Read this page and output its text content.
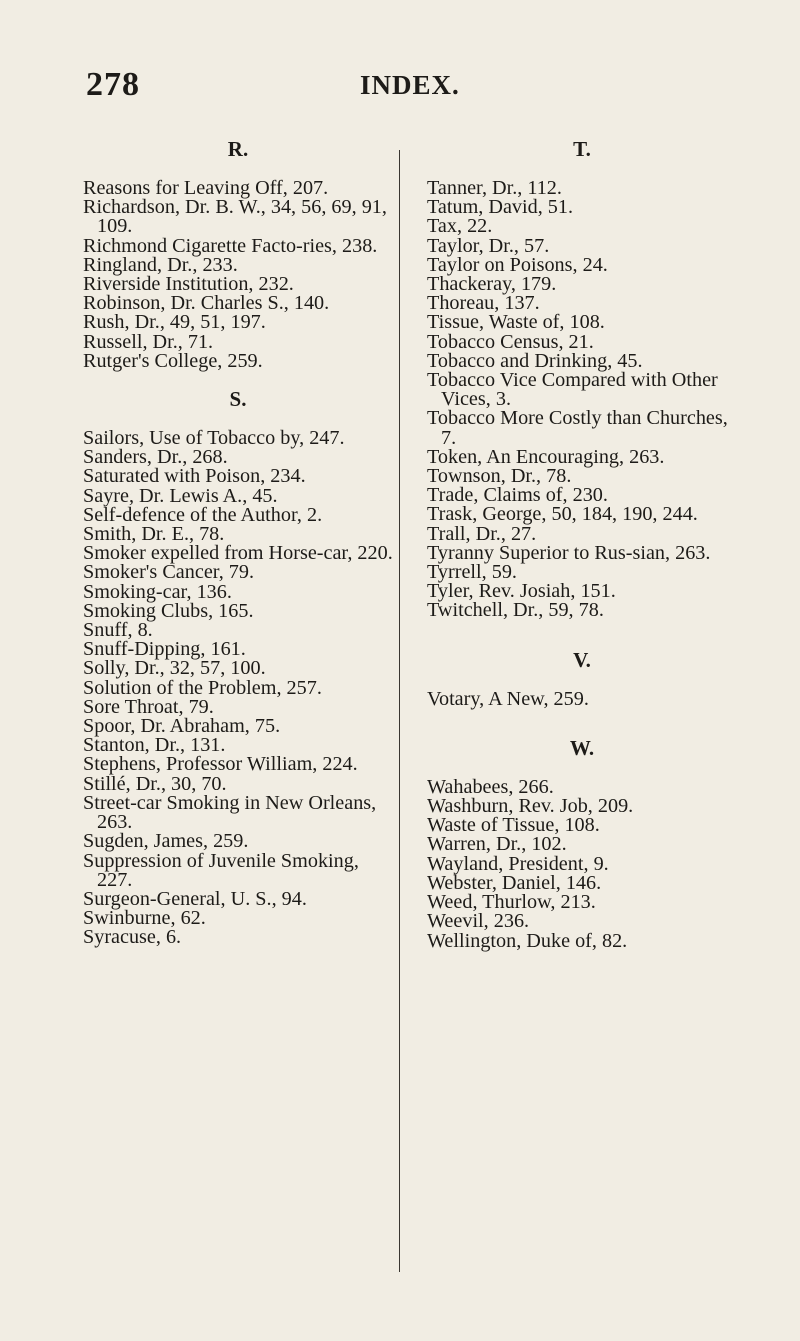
278	INDEX.
R.
Reasons for Leaving Off, 207.
Richardson, Dr. B. W., 34, 56, 69, 91, 109.
Richmond Cigarette Facto-ries, 238.
Ringland, Dr., 233.
Riverside Institution, 232.
Robinson, Dr. Charles S., 140.
Rush, Dr., 49, 51, 197.
Russell, Dr., 71.
Rutger's College, 259.
S.
Sailors, Use of Tobacco by, 247.
Sanders, Dr., 268.
Saturated with Poison, 234.
Sayre, Dr. Lewis A., 45.
Self-defence of the Author, 2.
Smith, Dr. E., 78.
Smoker expelled from Horse-car, 220.
Smoker's Cancer, 79.
Smoking-car, 136.
Smoking Clubs, 165.
Snuff, 8.
Snuff-Dipping, 161.
Solly, Dr., 32, 57, 100.
Solution of the Problem, 257.
Sore Throat, 79.
Spoor, Dr. Abraham, 75.
Stanton, Dr., 131.
Stephens, Professor William, 224.
Stillé, Dr., 30, 70.
Street-car Smoking in New Orleans, 263.
Sugden, James, 259.
Suppression of Juvenile Smoking, 227.
Surgeon-General, U. S., 94.
Swinburne, 62.
Syracuse, 6.
T.
Tanner, Dr., 112.
Tatum, David, 51.
Tax, 22.
Taylor, Dr., 57.
Taylor on Poisons, 24.
Thackeray, 179.
Thoreau, 137.
Tissue, Waste of, 108.
Tobacco Census, 21.
Tobacco and Drinking, 45.
Tobacco Vice Compared with Other Vices, 3.
Tobacco More Costly than Churches, 7.
Token, An Encouraging, 263.
Townson, Dr., 78.
Trade, Claims of, 230.
Trask, George, 50, 184, 190, 244.
Trall, Dr., 27.
Tyranny Superior to Rus-sian, 263.
Tyrrell, 59.
Tyler, Rev. Josiah, 151.
Twitchell, Dr., 59, 78.
V.
Votary, A New, 259.
W.
Wahabees, 266.
Washburn, Rev. Job, 209.
Waste of Tissue, 108.
Warren, Dr., 102.
Wayland, President, 9.
Webster, Daniel, 146.
Weed, Thurlow, 213.
Weevil, 236.
Wellington, Duke of, 82.
